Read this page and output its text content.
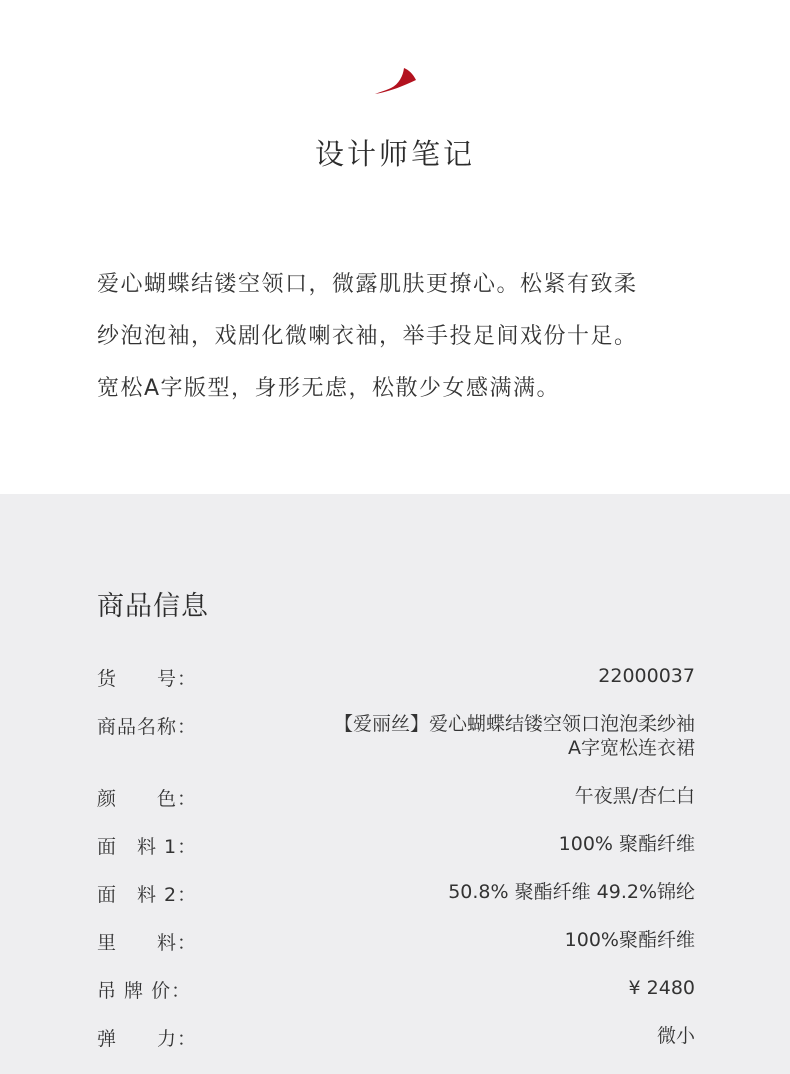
设计师笔记
爱心蝴蝶结镂空领口，微露肌肤更撩心。松紧有致柔
纱泡泡袖，戏剧化微喇衣袖，举手投足间戏份十足。
宽松A字版型，身形无虑，松散少女感满满。
商品信息
货　　号：	22000037
商品名称：	【爱丽丝】爱心蝴蝶结镂空领口泡泡柔纱袖
A字宽松连衣裙
颜　　色：	午夜黑/杏仁白
面　料 1：	100% 聚酯纤维
面　料 2：	50.8% 聚酯纤维 49.2%锦纶
里　　料：	100%聚酯纤维
吊 牌 价：	¥ 2480
弹　　力：	微小
